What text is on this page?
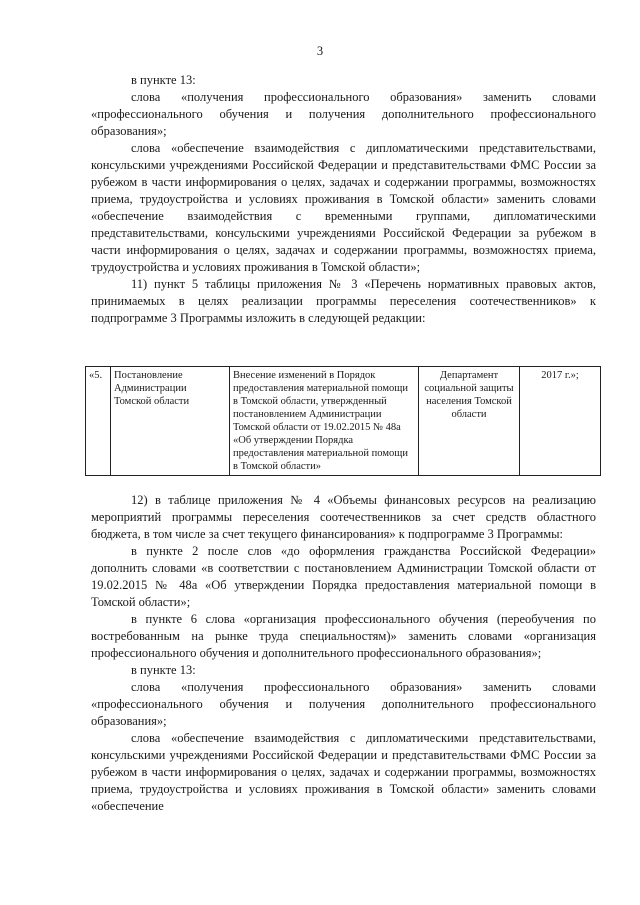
3

в пункте 13:

слова «получения профессионального образования» заменить словами «профессионального обучения и получения дополнительного профессионального образования»;

слова «обеспечение взаимодействия с дипломатическими представительствами, консульскими учреждениями Российской Федерации и представительствами ФМС России за рубежом в части информирования о целях, задачах и содержании программы, возможностях приема, трудоустройства и условиях проживания в Томской области» заменить словами «обеспечение взаимодействия с временными группами, дипломатическими представительствами, консульскими учреждениями Российской Федерации за рубежом в части информирования о целях, задачах и содержании программы, возможностях приема, трудоустройства и условиях проживания в Томской области»;

11) пункт 5 таблицы приложения № 3 «Перечень нормативных правовых актов, принимаемых в целях реализации программы переселения соотечественников» к подпрограмме 3 Программы изложить в следующей редакции:

«5.	Постановление Администрации Томской области	Внесение изменений в Порядок предоставления материальной помощи в Томской области, утвержденный постановлением Администрации Томской области от 19.02.2015 № 48а «Об утверждении Порядка предоставления материальной помощи в Томской области»	Департамент социальной защиты населения Томской области	2017 г.»;

12) в таблице приложения № 4 «Объемы финансовых ресурсов на реализацию мероприятий программы переселения соотечественников за счет средств областного бюджета, в том числе за счет текущего финансирования» к подпрограмме 3 Программы:

в пункте 2 после слов «до оформления гражданства Российской Федерации» дополнить словами «в соответствии с постановлением Администрации Томской области от 19.02.2015 № 48а «Об утверждении Порядка предоставления материальной помощи в Томской области»;

в пункте 6 слова «организация профессионального обучения (переобучения по востребованным на рынке труда специальностям)» заменить словами «организация профессионального обучения и дополнительного профессионального образования»;

в пункте 13:

слова «получения профессионального образования» заменить словами «профессионального обучения и получения дополнительного профессионального образования»;

слова «обеспечение взаимодействия с дипломатическими представительствами, консульскими учреждениями Российской Федерации и представительствами ФМС России за рубежом в части информирования о целях, задачах и содержании программы, возможностях приема, трудоустройства и условиях проживания в Томской области» заменить словами «обеспечение
